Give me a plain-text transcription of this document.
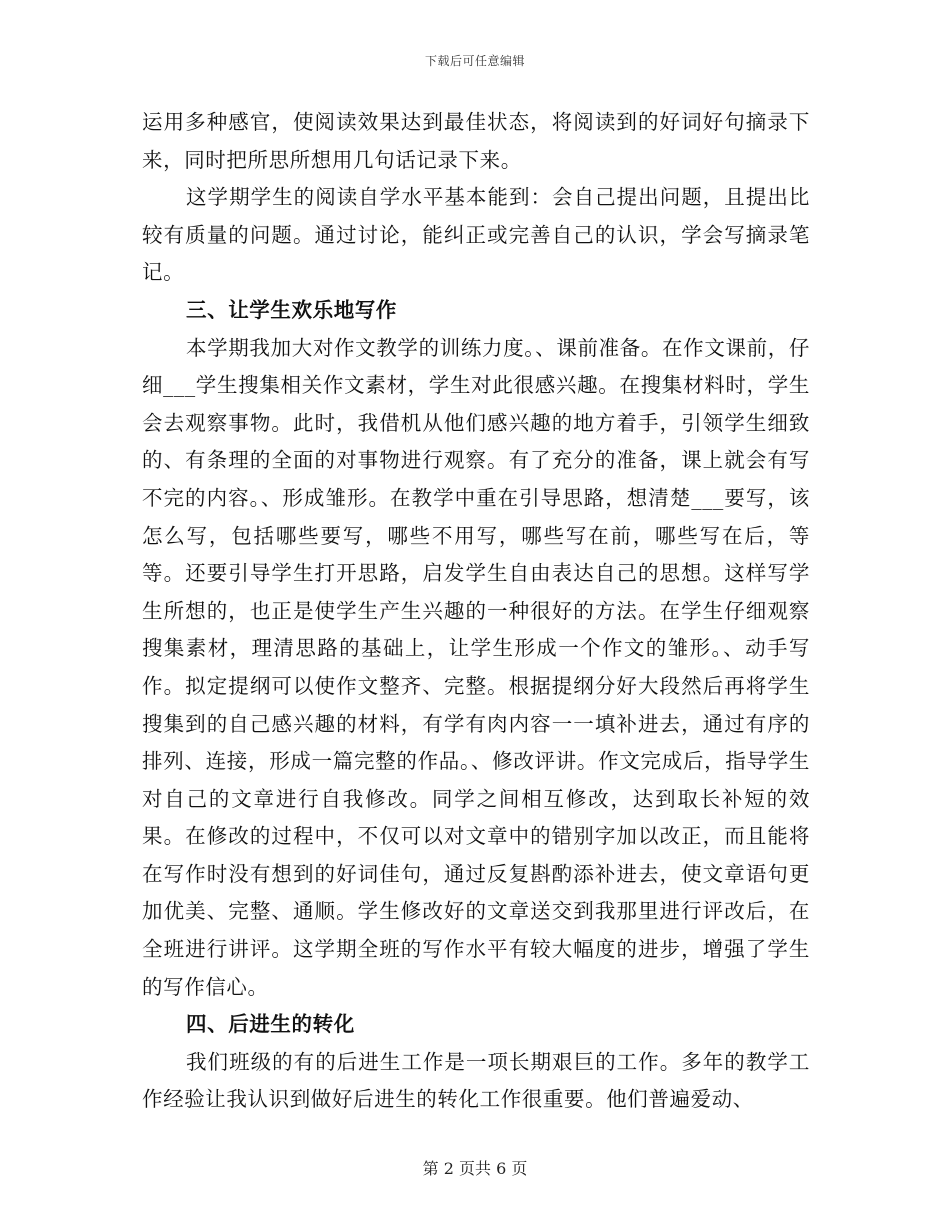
下载后可任意编辑

运用多种感官，使阅读效果达到最佳状态，将阅读到的好词好句摘录下来，同时把所思所想用几句话记录下来。

这学期学生的阅读自学水平基本能到：会自己提出问题，且提出比较有质量的问题。通过讨论，能纠正或完善自己的认识，学会写摘录笔记。

三、让学生欢乐地写作

本学期我加大对作文教学的训练力度。、课前准备。在作文课前，仔细___学生搜集相关作文素材，学生对此很感兴趣。在搜集材料时，学生会去观察事物。此时，我借机从他们感兴趣的地方着手，引领学生细致的、有条理的全面的对事物进行观察。有了充分的准备，课上就会有写不完的内容。、形成雏形。在教学中重在引导思路，想清楚___要写，该怎么写，包括哪些要写，哪些不用写，哪些写在前，哪些写在后，等等。还要引导学生打开思路，启发学生自由表达自己的思想。这样写学生所想的，也正是使学生产生兴趣的一种很好的方法。在学生仔细观察搜集素材，理清思路的基础上，让学生形成一个作文的雏形。、动手写作。拟定提纲可以使作文整齐、完整。根据提纲分好大段然后再将学生搜集到的自己感兴趣的材料，有学有肉内容一一填补进去，通过有序的排列、连接，形成一篇完整的作品。、修改评讲。作文完成后，指导学生对自己的文章进行自我修改。同学之间相互修改，达到取长补短的效果。在修改的过程中，不仅可以对文章中的错别字加以改正，而且能将在写作时没有想到的好词佳句，通过反复斟酌添补进去，使文章语句更加优美、完整、通顺。学生修改好的文章送交到我那里进行评改后，在全班进行讲评。这学期全班的写作水平有较大幅度的进步，增强了学生的写作信心。

四、后进生的转化

我们班级的有的后进生工作是一项长期艰巨的工作。多年的教学工作经验让我认识到做好后进生的转化工作很重要。他们普遍爱动、

第 2 页共 6 页
